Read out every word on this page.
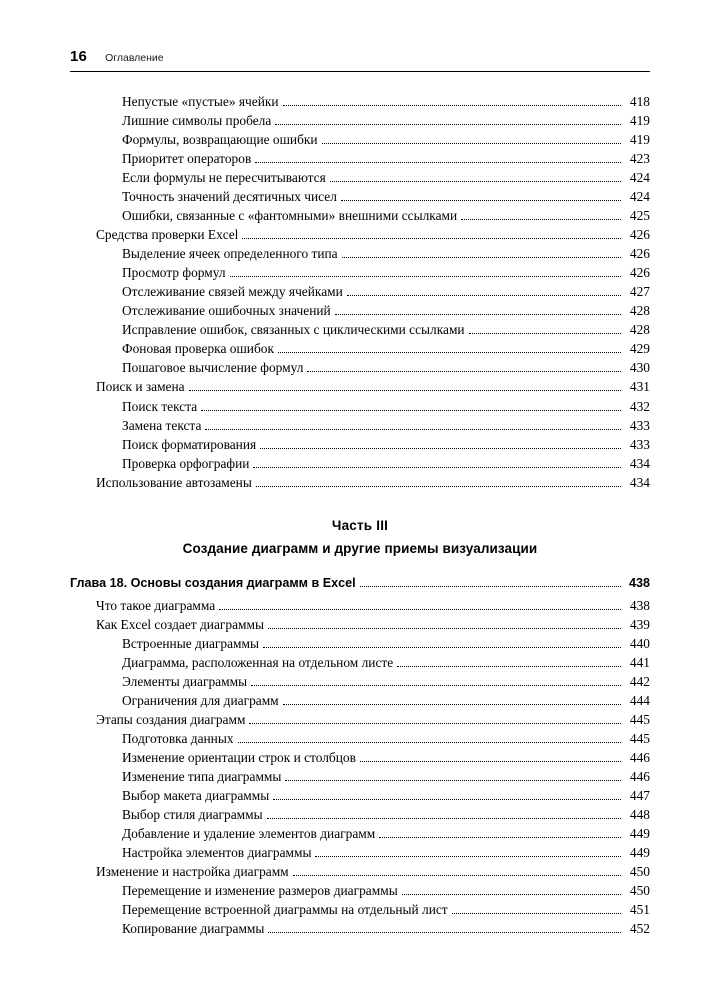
16 Оглавление
Непустые «пустые» ячейки	418
Лишние символы пробела	419
Формулы, возвращающие ошибки	419
Приоритет операторов	423
Если формулы не пересчитываются	424
Точность значений десятичных чисел	424
Ошибки, связанные с «фантомными» внешними ссылками	425
Средства проверки Excel	426
Выделение ячеек определенного типа	426
Просмотр формул	426
Отслеживание связей между ячейками	427
Отслеживание ошибочных значений	428
Исправление ошибок, связанных с циклическими ссылками	428
Фоновая проверка ошибок	429
Пошаговое вычисление формул	430
Поиск и замена	431
Поиск текста	432
Замена текста	433
Поиск форматирования	433
Проверка орфографии	434
Использование автозамены	434
Часть III
Создание диаграмм и другие приемы визуализации
Глава 18. Основы создания диаграмм в Excel	438
Что такое диаграмма	438
Как Excel создает диаграммы	439
Встроенные диаграммы	440
Диаграмма, расположенная на отдельном листе	441
Элементы диаграммы	442
Ограничения для диаграмм	444
Этапы создания диаграмм	445
Подготовка данных	445
Изменение ориентации строк и столбцов	446
Изменение типа диаграммы	446
Выбор макета диаграммы	447
Выбор стиля диаграммы	448
Добавление и удаление элементов диаграмм	449
Настройка элементов диаграммы	449
Изменение и настройка диаграмм	450
Перемещение и изменение размеров диаграммы	450
Перемещение встроенной диаграммы на отдельный лист	451
Копирование диаграммы	452
